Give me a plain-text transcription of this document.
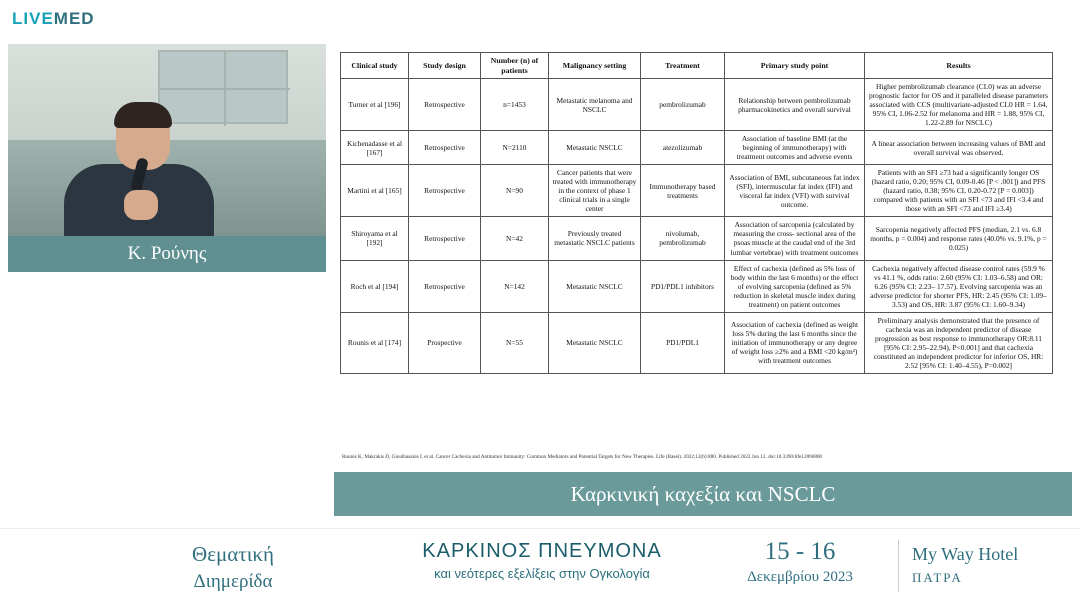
LIVEMED
Κ. Ρούνης
Clinical study	Study design	Number (n) of patients	Malignancy setting	Treatment	Primary study point	Results
Turner et al [196]	Retrospective	n=1453	Metastatic melanoma and NSCLC	pembrolizumab	Relationship between pembrolizumab pharmacokinetics and overall survival	Higher pembrolizumab clearance (CL0) was an adverse prognostic factor for OS and it paralleled disease parameters associated with CCS (multivariate-adjusted CL0 HR = 1.64, 95% CI, 1.06-2.52 for melanoma and HR = 1.88, 95% CI, 1.22-2.89 for NSCLC)
Kichenadasse et al [167]	Retrospective	N=2110	Metastatic NSCLC	atezolizumab	Association of baseline BMI (at the beginning of immunotherapy) with treatment outcomes and adverse events	A linear association between increasing values of BMI and overall survival was observed.
Martini et al [165]	Retrospective	N=90	Cancer patients that were treated with immunotherapy in the context of phase 1 clinical trials in a single center	Immunotherapy based treatments	Association of BMI, subcutaneous fat index (SFI), intermuscular fat index (IFI) and visceral fat index (VFI) with survival outcome.	Patients with an SFI ≥73 had a significantly longer OS (hazard ratio, 0.20; 95% CI, 0.09-0.46 [P < .001]) and PFS (hazard ratio, 0.38; 95% CI, 0.20-0.72 [P = 0.003]) compared with patients with an SFI <73 and IFI <3.4 and those with an SFI <73 and IFI ≥3.4)
Shiroyama et al [192]	Retrospective	N=42	Previously treated metastatic NSCLC patients	nivolumab, pembrolizumab	Association of sarcopenia (calculated by measuring the cross- sectional area of the psoas muscle at the caudal end of the 3rd lumbar vertebrae) with treatment outcomes	Sarcopenia negatively affected PFS (median, 2.1 vs. 6.8 months, p = 0.004) and response rates (40.0% vs. 9.1%, p = 0.025)
Roch et al [194]	Retrospective	N=142	Metastatic NSCLC	PD1/PDL1 inhibitors	Effect of cachexia (defined as 5% loss of body within the last 6 months) or the effect of evolving sarcopenia (defined as 5% reduction in skeletal muscle index during treatment) on patient outcomes	Cachexia negatively affected disease control rates (59.9 % vs 41.1 %, odds ratio: 2.60 (95% CI: 1.03–6.58) and OR: 6.26 (95% CI: 2.23– 17.57). Evolving sarcopenia was an adverse predictor for shorter PFS, HR: 2.45 (95% CI: 1.09–3.53) and OS, HR: 3.87 (95% CI: 1.60–9.34)
Rounis et al [174]	Prospective	N=55	Metastatic NSCLC	PD1/PDL1	Association of cachexia (defined as weight loss 5% during the last 6 months since the initiation of immunotherapy or any degree of weight loss ≥2% and a BMI <20 kg/m²) with treatment outcomes	Preliminary analysis demonstrated that the presence of cachexia was an independent predictor of disease progression as best response to immunotherapy OR:8.11 [95% CI: 2.95–22.94), P<0.001] and that cachexia constituted an independent predictor for inferior OS, HR: 2.52 [95% CI: 1.40–4.55), P=0.002]
Rounis K, Makrakis D, Gioulbasanis I, et al. Cancer Cachexia and Antitumor Immunity: Common Mediators and Potential Targets for New Therapies. Life (Basel). 2022;12(6):880. Published 2022 Jun 12. doi:10.3390/life12060880
Καρκινική καχεξία και NSCLC
Θεματική
Διημερίδα
ΚΑΡΚΙΝΟΣ ΠΝΕΥΜΟΝΑ
και νεότερες εξελίξεις στην Ογκολογία
15 - 16
Δεκεμβρίου 2023
My Way Hotel
ΠΑΤΡΑ
